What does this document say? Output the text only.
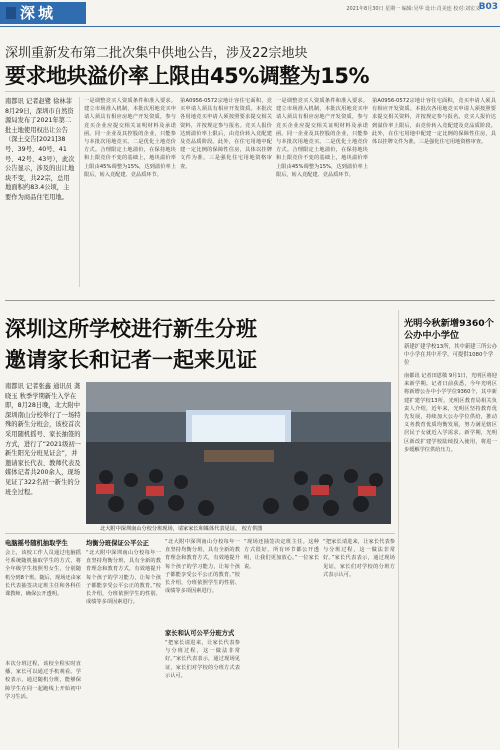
深城	2021年8月30日 星期一 编辑:吴华 设计:肖美连 校对:刘宏义
B03
深圳重新发布第二批次集中供地公告，涉及22宗地块
要求地块溢价率上限由45%调整为15%
南都讯 记者赵鹭 徐林菲 8月29日，深圳市自然资源局发布了2021年第二批土地使用权出让公告（深土交告[2021]38号、39号、40号、41号、42号、43号），此次公告显示，涉及的出让地块不变，共22宗，总用地面积约83.4公顷，主要作为商品住宅用地。
一是调整竞买人资质条件和准入要求。建立市场准入机制，本批次用地竞买申请人须具有相应房地产开发资质，参与竞买企业应提交相关证明材料及承诺函。同一企业及其控股的企业，只能参与本批次用地竞买。二是优化土地竞价方式。合理限定土地溢价，在保持地块和上限竞价不变的基础上，地块溢价率上限由45%调整为15%，达到溢价率上限后，转入竞配建、竞品质环节。
第A0956-0572宗地计容住宅面积，竞买申请人须具有相应开发资质。本批次各用地竞买申请人须按照要求提交相关资料，并按规定参与报名。竞买人报价达到溢价率上限后，由竞价转入竞配建及竞品质阶段。此外，在住宅用地中配建一定比例的保障性住房，具体以挂牌文件为准。三是强化住宅用地资格审查。
一是调整竞买人资质条件和准入要求。建立市场准入机制，本批次用地竞买申请人须具有相应房地产开发资质，参与竞买企业应提交相关证明材料及承诺函。同一企业及其控股的企业，只能参与本批次用地竞买。二是优化土地竞价方式。合理限定土地溢价，在保持地块和上限竞价不变的基础上，地块溢价率上限由45%调整为15%，达到溢价率上限后，转入竞配建、竞品质环节。
第A0956-0572宗地计容住宅面积，竞买申请人须具有相应开发资质。本批次各用地竞买申请人须按照要求提交相关资料，并按规定参与报名。竞买人报价达到溢价率上限后，由竞价转入竞配建及竞品质阶段。此外，在住宅用地中配建一定比例的保障性住房，具体以挂牌文件为准。三是强化住宅用地资格审查。
深圳这所学校进行新生分班
邀请家长和记者一起来见证
南都讯 记者张鑫 通讯员 龚晓玉 秋季学期新生入学在即，8月28日晚，北大附中深圳南山分校举行了一场特殊的新生分班会，该校首次采用随机摇号、家长抽签的方式，进行了“2021级初一新生阳光分班见证会”，并邀请家长代表、教师代表及媒体记者共200余人，现场见证了322名初一新生的分班全过程。
北大附中深圳南山分校分班现场，请家家长和媒体代表见证。 校方供图
电脑摇号随机抽取学生
会上，该校工作人员通过电脑摇号系统随机抽取学生的方式，将全年级学生按照男女生，分别随机分到8个班。随后，现场还由家长代表抽签决定班主任和各科任课教师，确保公开透明。
本次分班过程，该校全程实时直播，家长可以通过手机观看。学校表示，通过随机分班，能够保障学生在同一起跑线上开始初中学习生活。
均衡分班保证公平公正
“北大附中深圳南山分校每年一直坚持均衡分班，具有全新的教育理念和教育方式，有效地提升每个孩子的学习能力，让每个孩子都能享受公平公正的教育。”校长介绍，分班依照学生的性别、成绩等多项因素进行。
“北大附中深圳南山分校每年一直坚持均衡分班，具有全新的教育理念和教育方式，有效地提升每个孩子的学习能力，让每个孩子都能享受公平公正的教育。”校长介绍，分班依照学生的性别、成绩等多项因素进行。
家长和认可公平分班方式
“把家长请进来，让家长代表参与分班过程，这一做法非常好。”家长代表表示，通过现场见证，家长们对学校的分班方式表示认可。
“现场还抽签决定班主任。这种方式很好，所有环节都公开透明，让我们更加放心。”一位家长说。
“把家长请进来，让家长代表参与分班过程，这一做法非常好。”家长代表表示，通过现场见证，家长们对学校的分班方式表示认可。
光明今秋新增9360个公办中小学位
新建扩建学校13所，其中新建三所公办中小学在其中开学，可提供1080个学位
南都讯 记者田恩敬 9月1日，光明区将迎来新学期。记者日前获悉，今年光明区将新增公办中小学学位9360个，其中新建扩建学校13所。光明区教育局相关负责人介绍，近年来，光明区坚持教育优先发展，持续加大公办学位供给，推动义务教育优质均衡发展，努力满足辖区居民子女就近入学需求。新学期，光明区新改扩建学校陆续投入使用，将进一步缓解学位供给压力。
